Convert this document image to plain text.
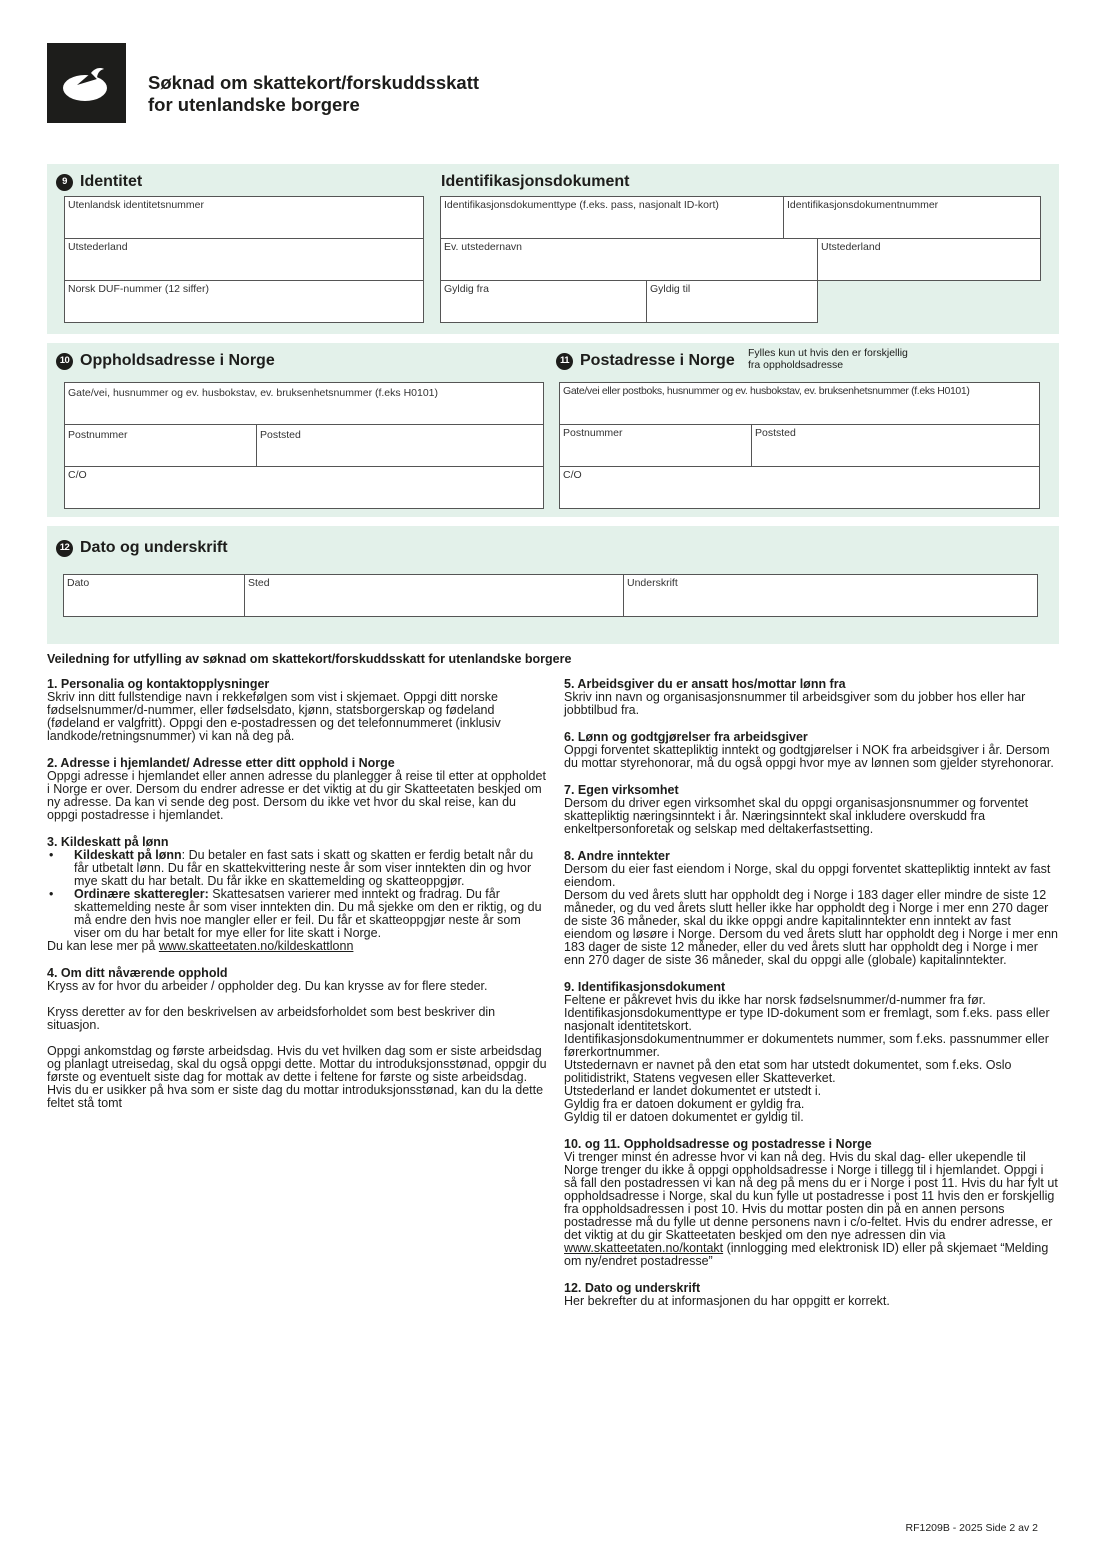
Søknad om skattekort/forskuddsskatt
for utenlandske borgere
9 Identitet	Identifikasjonsdokument
Utenlandsk identitetsnummer
Utstederland
Norsk DUF-nummer (12 siffer)
Identifikasjonsdokumenttype (f.eks. pass, nasjonalt ID-kort)	Identifikasjonsdokumentnummer
Ev. utstedernavn	Utstederland
Gyldig fra	Gyldig til
10 Oppholdsadresse i Norge	11 Postadresse i Norge Fylles kun ut hvis den er forskjellig
fra oppholdsadresse
Gate/vei, husnummer og ev. husbokstav, ev. bruksenhetsnummer (f.eks H0101)
Postnummer	Poststed
C/O
Gate/vei eller postboks, husnummer og ev. husbokstav, ev. bruksenhetsnummer (f.eks H0101)
Postnummer	Poststed
C/O
12 Dato og underskrift
Dato	Sted	Underskrift
Veiledning for utfylling av søknad om skattekort/forskuddsskatt for utenlandske borgere
1. Personalia og kontaktopplysninger

Skriv inn ditt fullstendige navn i rekkefølgen som vist i skjemaet. Oppgi ditt norske fødselsnummer/d-nummer, eller fødselsdato, kjønn, statsborgerskap og fødeland (fødeland er valgfritt). Oppgi den e-postadressen og det telefonnummeret (inklusiv landkode/retningsnummer) vi kan nå deg på.

2. Adresse i hjemlandet/ Adresse etter ditt opphold i Norge

Oppgi adresse i hjemlandet eller annen adresse du planlegger å reise til etter at oppholdet i Norge er over. Dersom du endrer adresse er det viktig at du gir Skatteetaten beskjed om ny adresse. Da kan vi sende deg post. Dersom du ikke vet hvor du skal reise, kan du oppgi postadresse i hjemlandet.

3. Kildeskatt på lønn
• Kildeskatt på lønn: Du betaler en fast sats i skatt og skatten er ferdig betalt når du får utbetalt lønn. Du får en skattekvittering neste år som viser inntekten din og hvor mye skatt du har betalt. Du får ikke en skattemelding og skatteoppgjør.
• Ordinære skatteregler: Skattesatsen varierer med inntekt og fradrag. Du får skattemelding neste år som viser inntekten din. Du må sjekke om den er riktig, og du må endre den hvis noe mangler eller er feil. Du får et skatteoppgjør neste år som viser om du har betalt for mye eller for lite skatt i Norge.

Du kan lese mer på www.skatteetaten.no/kildeskattlonn

4. Om ditt nåværende opphold

Kryss av for hvor du arbeider / oppholder deg. Du kan krysse av for flere steder.

Kryss deretter av for den beskrivelsen av arbeidsforholdet som best beskriver din situasjon.

Oppgi ankomstdag og første arbeidsdag. Hvis du vet hvilken dag som er siste arbeidsdag og planlagt utreisedag, skal du også oppgi dette. Mottar du introduksjonsstønad, oppgir du første og eventuelt siste dag for mottak av dette i feltene for første og siste arbeidsdag. Hvis du er usikker på hva som er siste dag du mottar introduksjonsstønad, kan du la dette feltet stå tomt

5. Arbeidsgiver du er ansatt hos/mottar lønn fra

Skriv inn navn og organisasjonsnummer til arbeidsgiver som du jobber hos eller har jobbtilbud fra.

6. Lønn og godtgjørelser fra arbeidsgiver

Oppgi forventet skattepliktig inntekt og godtgjørelser i NOK fra arbeidsgiver i år. Dersom du mottar styrehonorar, må du også oppgi hvor mye av lønnen som gjelder styrehonorar.

7. Egen virksomhet

Dersom du driver egen virksomhet skal du oppgi organisasjonsnummer og forventet skattepliktig næringsinntekt i år. Næringsinntekt skal inkludere overskudd fra enkeltpersonforetak og selskap med deltakerfastsetting.

8. Andre inntekter

Dersom du eier fast eiendom i Norge, skal du oppgi forventet skattepliktig inntekt av fast eiendom.

Dersom du ved årets slutt har oppholdt deg i Norge i 183 dager eller mindre de siste 12 måneder, og du ved årets slutt heller ikke har oppholdt deg i Norge i mer enn 270 dager de siste 36 måneder, skal du ikke oppgi andre kapitalinntekter enn inntekt av fast eiendom og løsøre i Norge. Dersom du ved årets slutt har oppholdt deg i Norge i mer enn 183 dager de siste 12 måneder, eller du ved årets slutt har oppholdt deg i Norge i mer enn 270 dager de siste 36 måneder, skal du oppgi alle (globale) kapitalinntekter.

9. Identifikasjonsdokument

Feltene er påkrevet hvis du ikke har norsk fødselsnummer/d-nummer fra før. Identifikasjonsdokumenttype er type ID-dokument som er fremlagt, som f.eks. pass eller nasjonalt identitetskort.

Identifikasjonsdokumentnummer er dokumentets nummer, som f.eks. passnummer eller førerkortnummer.

Utstedernavn er navnet på den etat som har utstedt dokumentet, som f.eks. Oslo politidistrikt, Statens vegvesen eller Skatteverket.

Utstederland er landet dokumentet er utstedt i.

Gyldig fra er datoen dokument er gyldig fra.

Gyldig til er datoen dokumentet er gyldig til.

10. og 11. Oppholdsadresse og postadresse i Norge

Vi trenger minst én adresse hvor vi kan nå deg. Hvis du skal dag- eller ukependle til Norge trenger du ikke å oppgi oppholdsadresse i Norge i tillegg til i hjemlandet. Oppgi i så fall den postadressen vi kan nå deg på mens du er i Norge i post 11. Hvis du har fylt ut oppholdsadresse i Norge, skal du kun fylle ut postadresse i post 11 hvis den er forskjellig fra oppholdsadressen i post 10. Hvis du mottar posten din på en annen persons postadresse må du fylle ut denne personens navn i c/o-feltet. Hvis du endrer adresse, er det viktig at du gir Skatteetaten beskjed om den nye adressen din via www.skatteetaten.no/kontakt (innlogging med elektronisk ID) eller på skjemaet “Melding om ny/endret postadresse”

12. Dato og underskrift

Her bekrefter du at informasjonen du har oppgitt er korrekt.

RF1209B - 2025 Side 2 av 2
